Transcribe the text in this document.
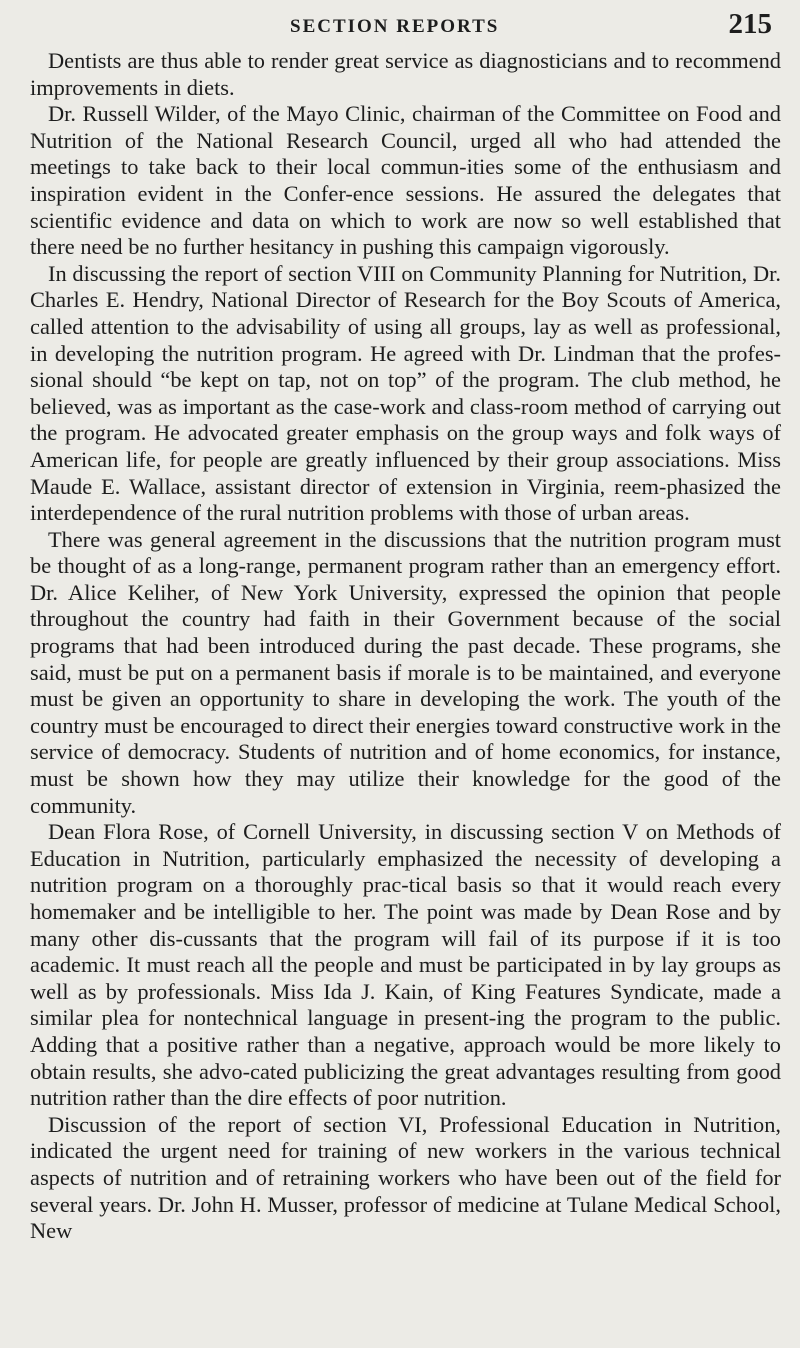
SECTION REPORTS	215

Dentists are thus able to render great service as diagnosticians and to recommend improvements in diets.

Dr. Russell Wilder, of the Mayo Clinic, chairman of the Committee on Food and Nutrition of the National Research Council, urged all who had attended the meetings to take back to their local commun-ities some of the enthusiasm and inspiration evident in the Confer-ence sessions. He assured the delegates that scientific evidence and data on which to work are now so well established that there need be no further hesitancy in pushing this campaign vigorously.

In discussing the report of section VIII on Community Planning for Nutrition, Dr. Charles E. Hendry, National Director of Research for the Boy Scouts of America, called attention to the advisability of using all groups, lay as well as professional, in developing the nutrition program. He agreed with Dr. Lindman that the profes-sional should “be kept on tap, not on top” of the program. The club method, he believed, was as important as the case-work and class-room method of carrying out the program. He advocated greater emphasis on the group ways and folk ways of American life, for people are greatly influenced by their group associations. Miss Maude E. Wallace, assistant director of extension in Virginia, reem-phasized the interdependence of the rural nutrition problems with those of urban areas.

There was general agreement in the discussions that the nutrition program must be thought of as a long-range, permanent program rather than an emergency effort. Dr. Alice Keliher, of New York University, expressed the opinion that people throughout the country had faith in their Government because of the social programs that had been introduced during the past decade. These programs, she said, must be put on a permanent basis if morale is to be maintained, and everyone must be given an opportunity to share in developing the work. The youth of the country must be encouraged to direct their energies toward constructive work in the service of democracy. Students of nutrition and of home economics, for instance, must be shown how they may utilize their knowledge for the good of the community.

Dean Flora Rose, of Cornell University, in discussing section V on Methods of Education in Nutrition, particularly emphasized the necessity of developing a nutrition program on a thoroughly prac-tical basis so that it would reach every homemaker and be intelligible to her. The point was made by Dean Rose and by many other dis-cussants that the program will fail of its purpose if it is too academic. It must reach all the people and must be participated in by lay groups as well as by professionals. Miss Ida J. Kain, of King Features Syndicate, made a similar plea for nontechnical language in present-ing the program to the public. Adding that a positive rather than a negative, approach would be more likely to obtain results, she advo-cated publicizing the great advantages resulting from good nutrition rather than the dire effects of poor nutrition.

Discussion of the report of section VI, Professional Education in Nutrition, indicated the urgent need for training of new workers in the various technical aspects of nutrition and of retraining workers who have been out of the field for several years. Dr. John H. Musser, professor of medicine at Tulane Medical School, New
